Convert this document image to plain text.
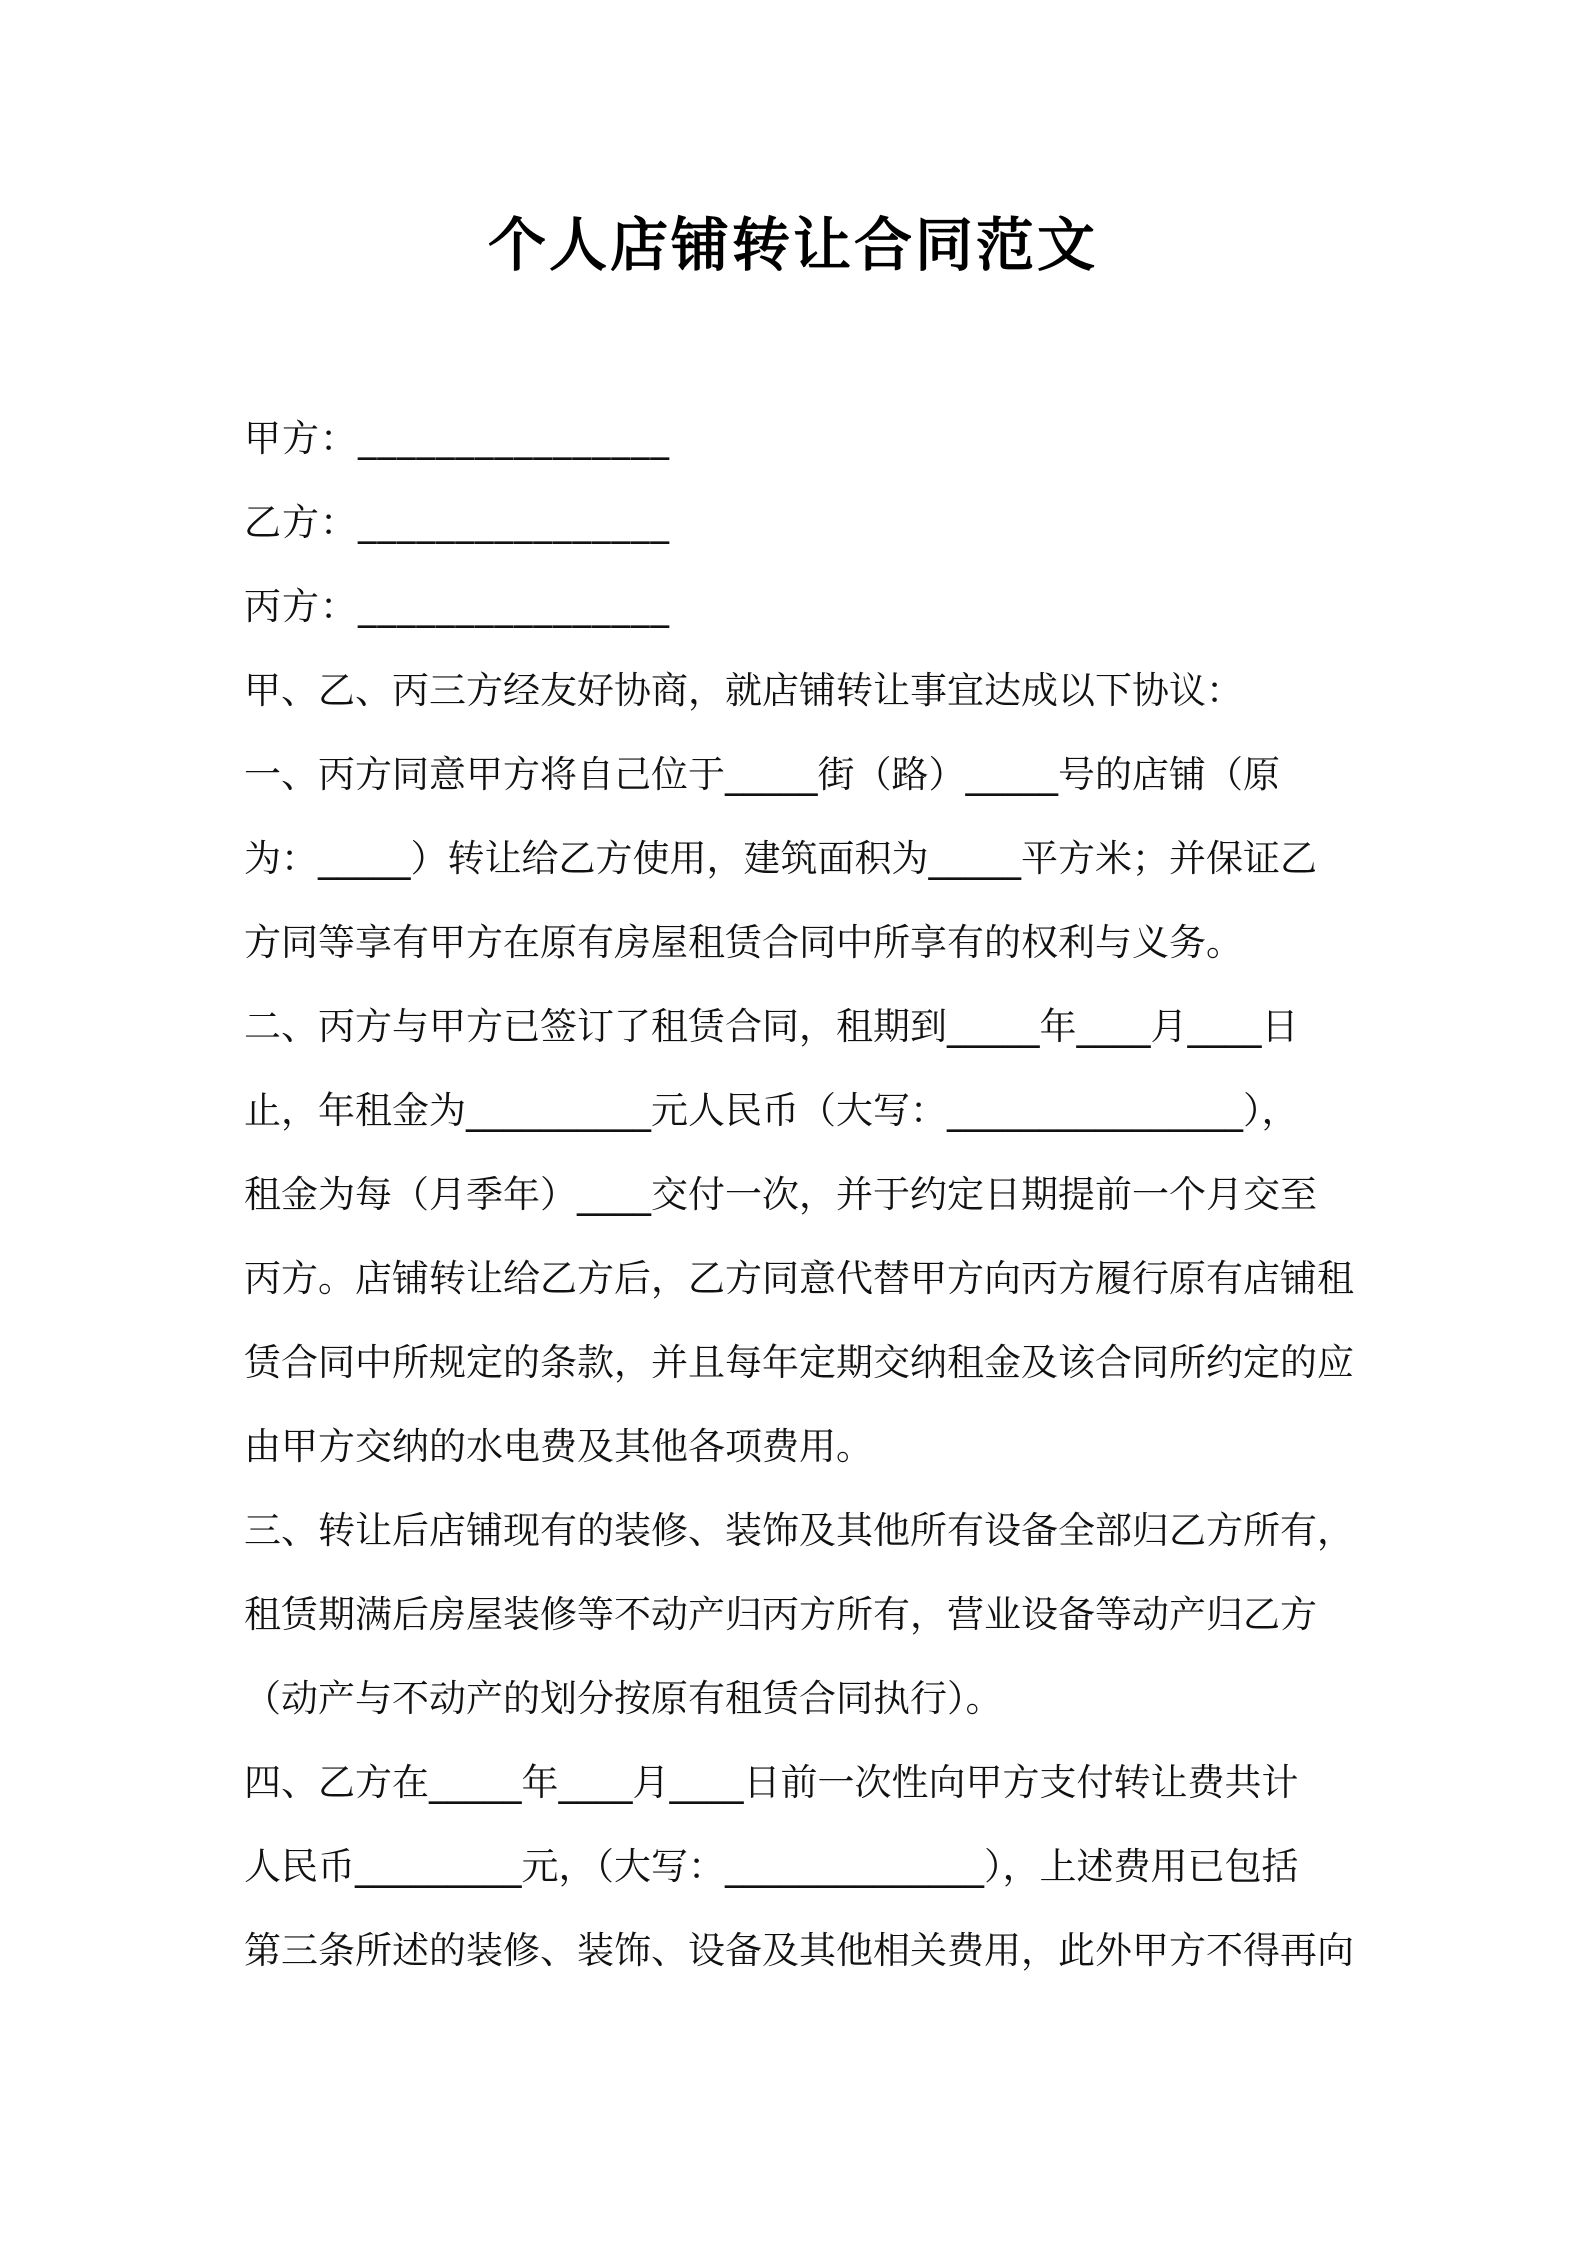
个人店铺转让合同范文
甲方：________________
乙方：________________
丙方：________________
甲、乙、丙三方经友好协商，就店铺转让事宜达成以下协议：
一、丙方同意甲方将自己位于_____街（路）_____号的店铺（原
为：_____）转让给乙方使用，建筑面积为_____平方米；并保证乙
方同等享有甲方在原有房屋租赁合同中所享有的权利与义务。
二、丙方与甲方已签订了租赁合同，租期到_____年____月____日
止，年租金为__________元人民币（大写：________________），
租金为每（月季年）____交付一次，并于约定日期提前一个月交至
丙方。店铺转让给乙方后，乙方同意代替甲方向丙方履行原有店铺租
赁合同中所规定的条款，并且每年定期交纳租金及该合同所约定的应
由甲方交纳的水电费及其他各项费用。
三、转让后店铺现有的装修、装饰及其他所有设备全部归乙方所有，
租赁期满后房屋装修等不动产归丙方所有，营业设备等动产归乙方
（动产与不动产的划分按原有租赁合同执行）。
四、乙方在_____年____月____日前一次性向甲方支付转让费共计
人民币_________元，（大写：______________），上述费用已包括
第三条所述的装修、装饰、设备及其他相关费用，此外甲方不得再向
